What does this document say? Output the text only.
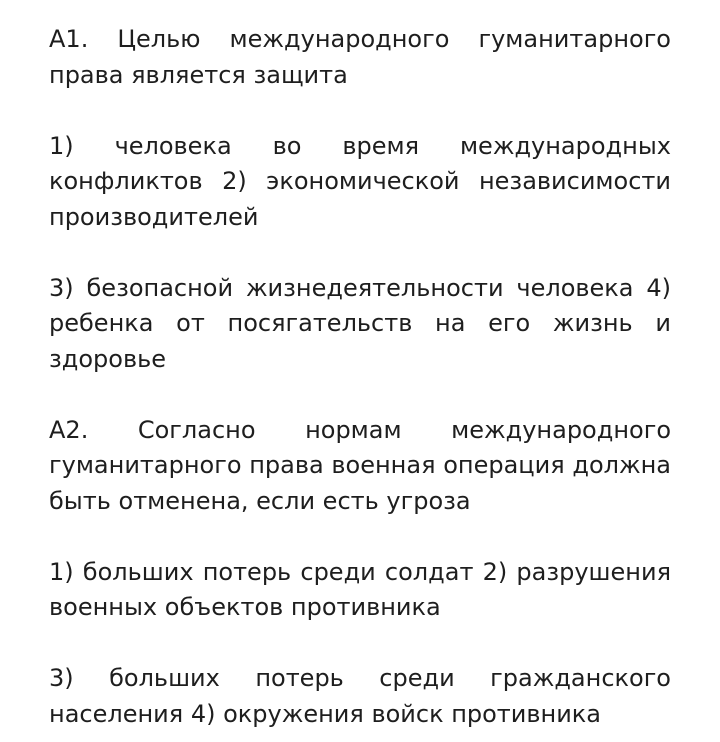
А1. Целью международного гуманитарного права является защита

1) человека во время международных конфликтов 2) экономической независимости производителей

3) безопасной жизнедеятельности человека 4) ребенка от посягательств на его жизнь и здоровье

А2. Согласно нормам международного гуманитарного права военная операция должна быть отменена, если есть угроза

1) больших потерь среди солдат 2) разрушения военных объектов противника

3) больших потерь среди гражданского населения 4) окружения войск противника
